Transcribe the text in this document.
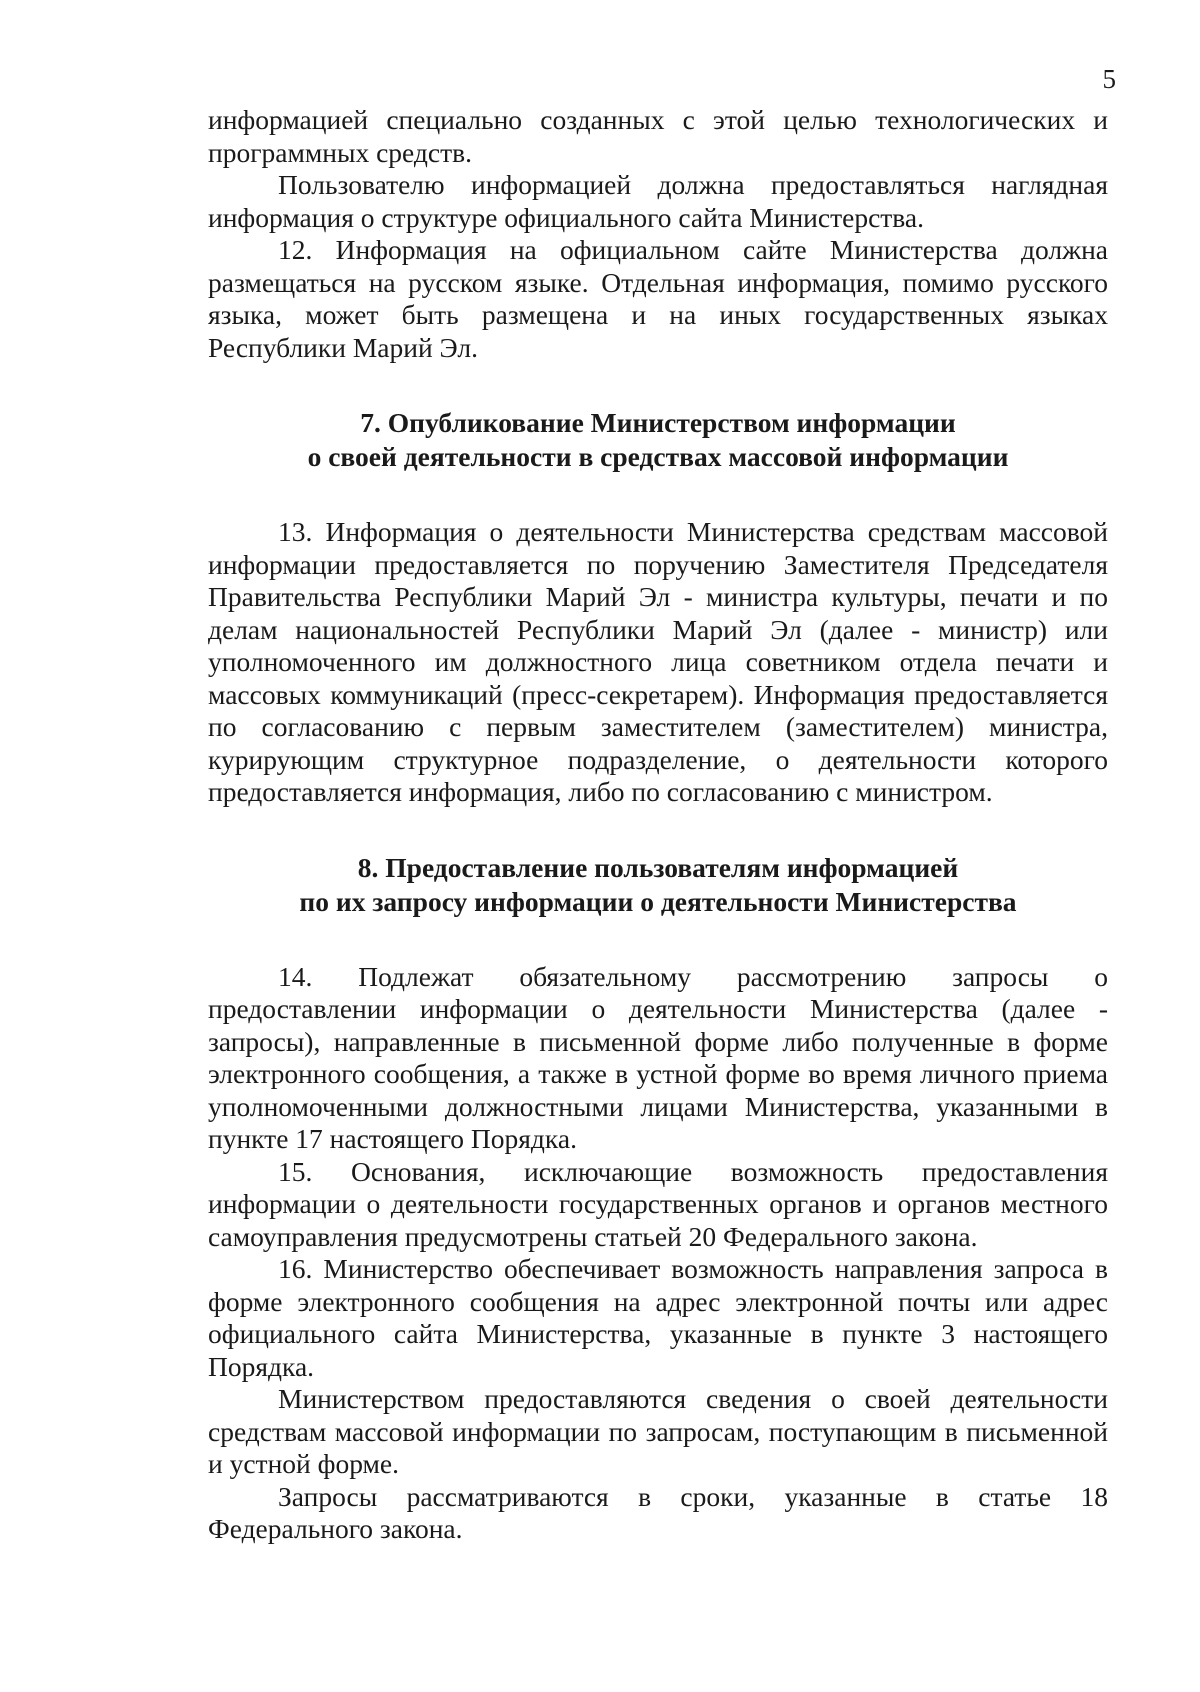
5

информацией специально созданных с этой целью технологических и программных средств.

Пользователю информацией должна предоставляться наглядная информация о структуре официального сайта Министерства.

12. Информация на официальном сайте Министерства должна размещаться на русском языке. Отдельная информация, помимо русского языка, может быть размещена и на иных государственных языках Республики Марий Эл.

7. Опубликование Министерством информации
о своей деятельности в средствах массовой информации

13. Информация о деятельности Министерства средствам массовой информации предоставляется по поручению Заместителя Председателя Правительства Республики Марий Эл - министра культуры, печати и по делам национальностей Республики Марий Эл (далее - министр) или уполномоченного им должностного лица советником отдела печати и массовых коммуникаций (пресс-секретарем). Информация предоставляется по согласованию с первым заместителем (заместителем) министра, курирующим структурное подразделение, о деятельности которого предоставляется информация, либо по согласованию с министром.

8. Предоставление пользователям информацией
по их запросу информации о деятельности Министерства

14. Подлежат обязательному рассмотрению запросы о предоставлении информации о деятельности Министерства (далее - запросы), направленные в письменной форме либо полученные в форме электронного сообщения, а также в устной форме во время личного приема уполномоченными должностными лицами Министерства, указанными в пункте 17 настоящего Порядка.

15. Основания, исключающие возможность предоставления информации о деятельности государственных органов и органов местного самоуправления предусмотрены статьей 20 Федерального закона.

16. Министерство обеспечивает возможность направления запроса в форме электронного сообщения на адрес электронной почты или адрес официального сайта Министерства, указанные в пункте 3 настоящего Порядка.

Министерством предоставляются сведения о своей деятельности средствам массовой информации по запросам, поступающим в письменной и устной форме.

Запросы рассматриваются в сроки, указанные в статье 18 Федерального закона.
